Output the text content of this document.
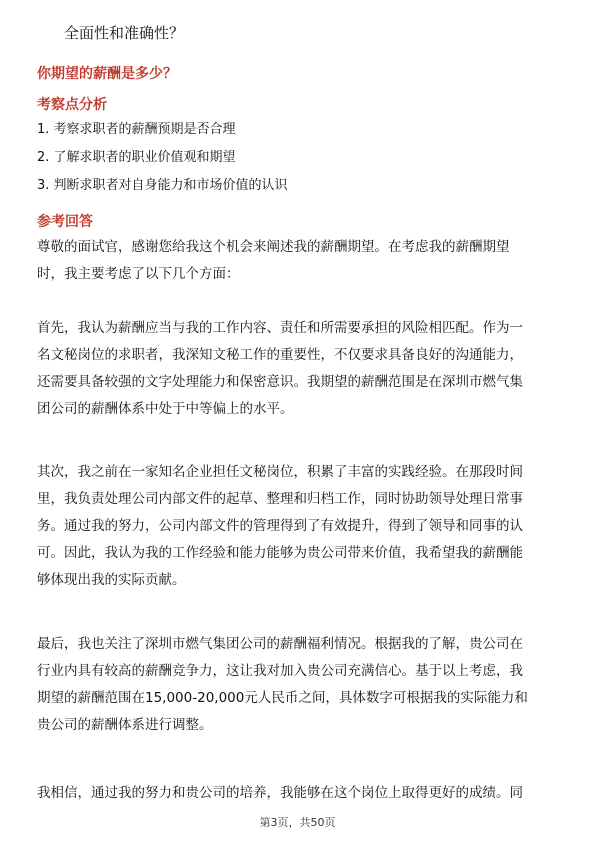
全面性和准确性？
你期望的薪酬是多少？
考察点分析
1. 考察求职者的薪酬预期是否合理
2. 了解求职者的职业价值观和期望
3. 判断求职者对自身能力和市场价值的认识
参考回答
尊敬的面试官，感谢您给我这个机会来阐述我的薪酬期望。在考虑我的薪酬期望
时，我主要考虑了以下几个方面：
首先，我认为薪酬应当与我的工作内容、责任和所需要承担的风险相匹配。作为一
名文秘岗位的求职者，我深知文秘工作的重要性，不仅要求具备良好的沟通能力，
还需要具备较强的文字处理能力和保密意识。我期望的薪酬范围是在深圳市燃气集
团公司的薪酬体系中处于中等偏上的水平。
其次，我之前在一家知名企业担任文秘岗位，积累了丰富的实践经验。在那段时间
里，我负责处理公司内部文件的起草、整理和归档工作，同时协助领导处理日常事
务。通过我的努力，公司内部文件的管理得到了有效提升，得到了领导和同事的认
可。因此，我认为我的工作经验和能力能够为贵公司带来价值，我希望我的薪酬能
够体现出我的实际贡献。
最后，我也关注了深圳市燃气集团公司的薪酬福利情况。根据我的了解，贵公司在
行业内具有较高的薪酬竞争力，这让我对加入贵公司充满信心。基于以上考虑，我
期望的薪酬范围在15,000-20,000元人民币之间，具体数字可根据我的实际能力和
贵公司的薪酬体系进行调整。
我相信，通过我的努力和贵公司的培养，我能够在这个岗位上取得更好的成绩。同
第3页，共50页
